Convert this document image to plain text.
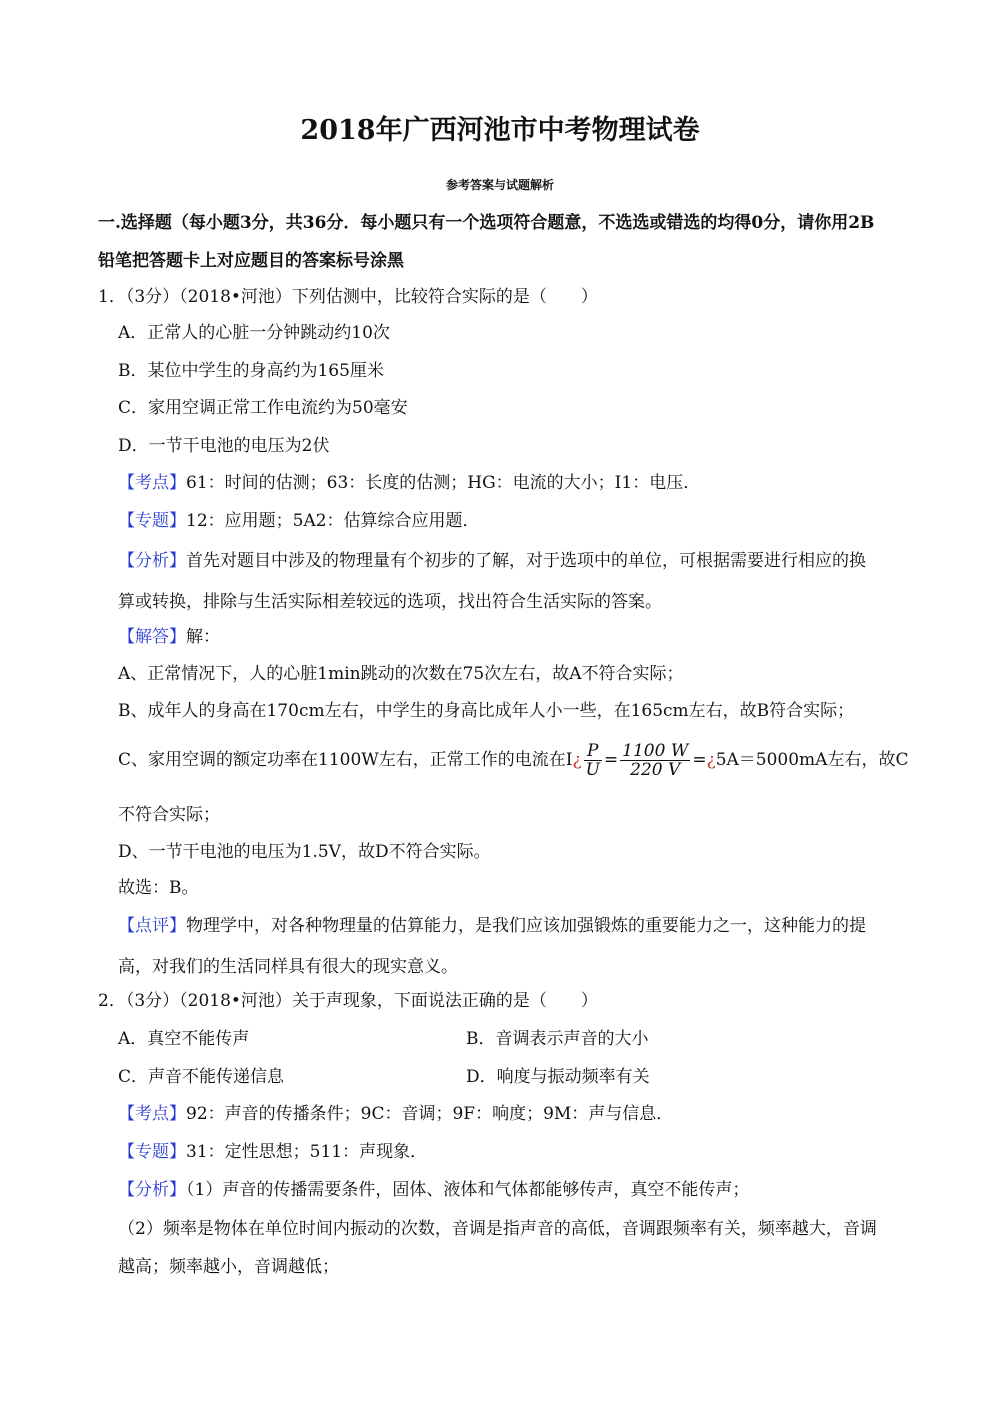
2018年广西河池市中考物理试卷
参考答案与试题解析
一.选择题（每小题3分，共36分．每小题只有一个选项符合题意，不选选或错选的均得0分，请你用2B
铅笔把答题卡上对应题目的答案标号涂黑
1．（3分）（2018•河池）下列估测中，比较符合实际的是（　　）
A．正常人的心脏一分钟跳动约10次
B．某位中学生的身高约为165厘米
C．家用空调正常工作电流约为50毫安
D．一节干电池的电压为2伏
【考点】61：时间的估测；63：长度的估测；HG：电流的大小；I1：电压．
【专题】12：应用题；5A2：估算综合应用题．
【分析】首先对题目中涉及的物理量有个初步的了解，对于选项中的单位，可根据需要进行相应的换
算或转换，排除与生活实际相差较远的选项，找出符合生活实际的答案。
【解答】解：
A、正常情况下，人的心脏1min跳动的次数在75次左右，故A不符合实际；
B、成年人的身高在170cm左右，中学生的身高比成年人小一些，在165cm左右，故B符合实际；
C、家用空调的额定功率在1100W左右，正常工作的电流在I¿ $\frac{P}{U} = \frac{1100 W}{220 V}$ =¿5A＝5000mA左右，故C
不符合实际；
D、一节干电池的电压为1.5V，故D不符合实际。
故选：B。
【点评】物理学中，对各种物理量的估算能力，是我们应该加强锻炼的重要能力之一，这种能力的提
高，对我们的生活同样具有很大的现实意义。
2．（3分）（2018•河池）关于声现象，下面说法正确的是（　　）
A．真空不能传声	B．音调表示声音的大小
C．声音不能传递信息	D．响度与振动频率有关
【考点】92：声音的传播条件；9C：音调；9F：响度；9M：声与信息．
【专题】31：定性思想；511：声现象．
【分析】（1）声音的传播需要条件，固体、液体和气体都能够传声，真空不能传声；
（2）频率是物体在单位时间内振动的次数，音调是指声音的高低，音调跟频率有关，频率越大，音调
越高；频率越小，音调越低；
